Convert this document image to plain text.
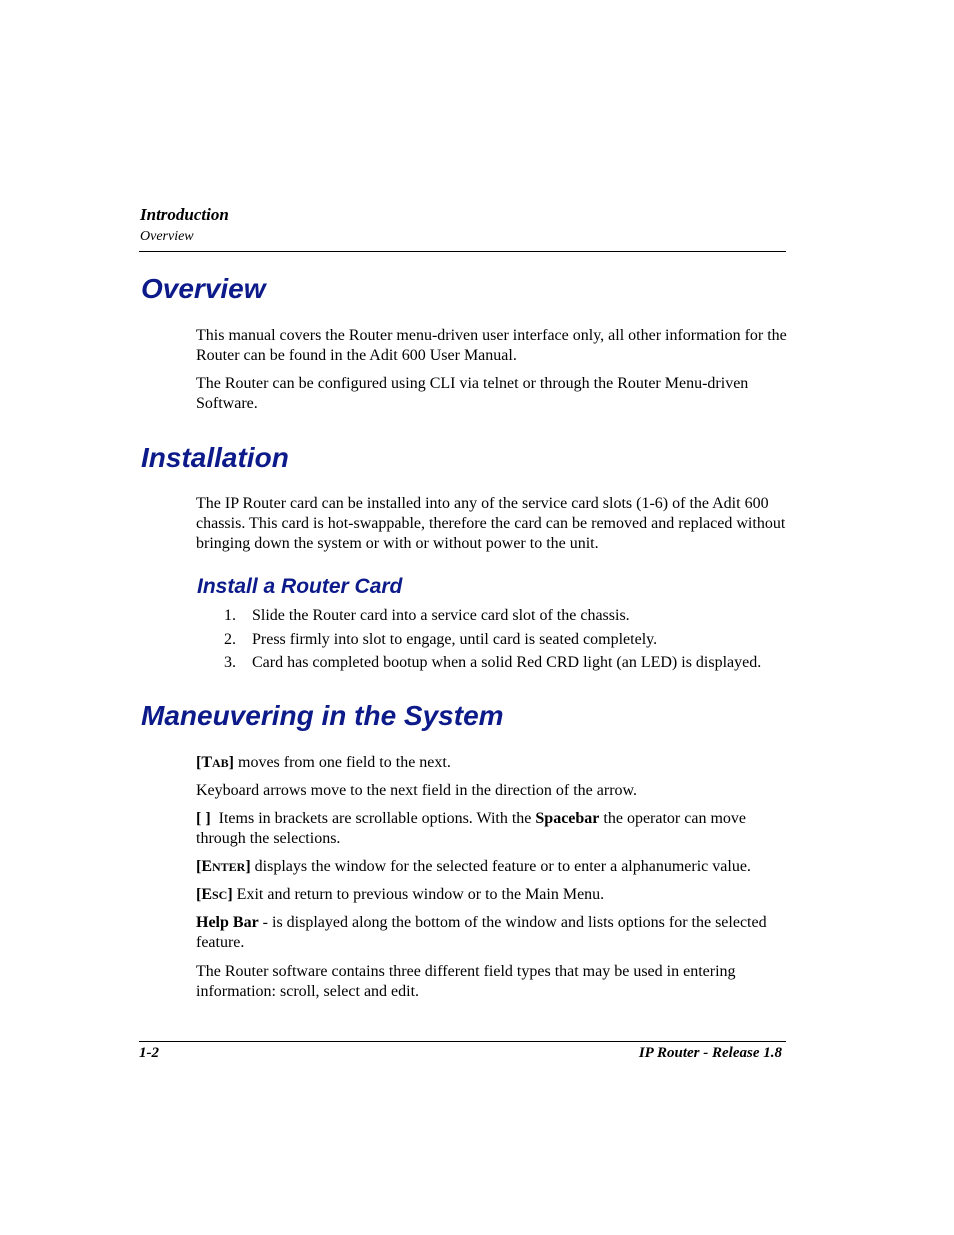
Introduction
Overview
Overview

This manual covers the Router menu-driven user interface only, all other information for the Router can be found in the Adit 600 User Manual.

The Router can be configured using CLI via telnet or through the Router Menu-driven Software.

Installation

The IP Router card can be installed into any of the service card slots (1-6) of the Adit 600 chassis. This card is hot-swappable, therefore the card can be removed and replaced without bringing down the system or with or without power to the unit.

Install a Router Card
1. Slide the Router card into a service card slot of the chassis.
2. Press firmly into slot to engage, until card is seated completely.
3. Card has completed bootup when a solid Red CRD light (an LED) is displayed.
Maneuvering in the System

[TAB] moves from one field to the next.

Keyboard arrows move to the next field in the direction of the arrow.

[ ]  Items in brackets are scrollable options. With the Spacebar the operator can move through the selections.

[ENTER] displays the window for the selected feature or to enter a alphanumeric value.

[ESC] Exit and return to previous window or to the Main Menu.

Help Bar - is displayed along the bottom of the window and lists options for the selected feature.

The Router software contains three different field types that may be used in entering information: scroll, select and edit.

1-2	IP Router - Release 1.8
